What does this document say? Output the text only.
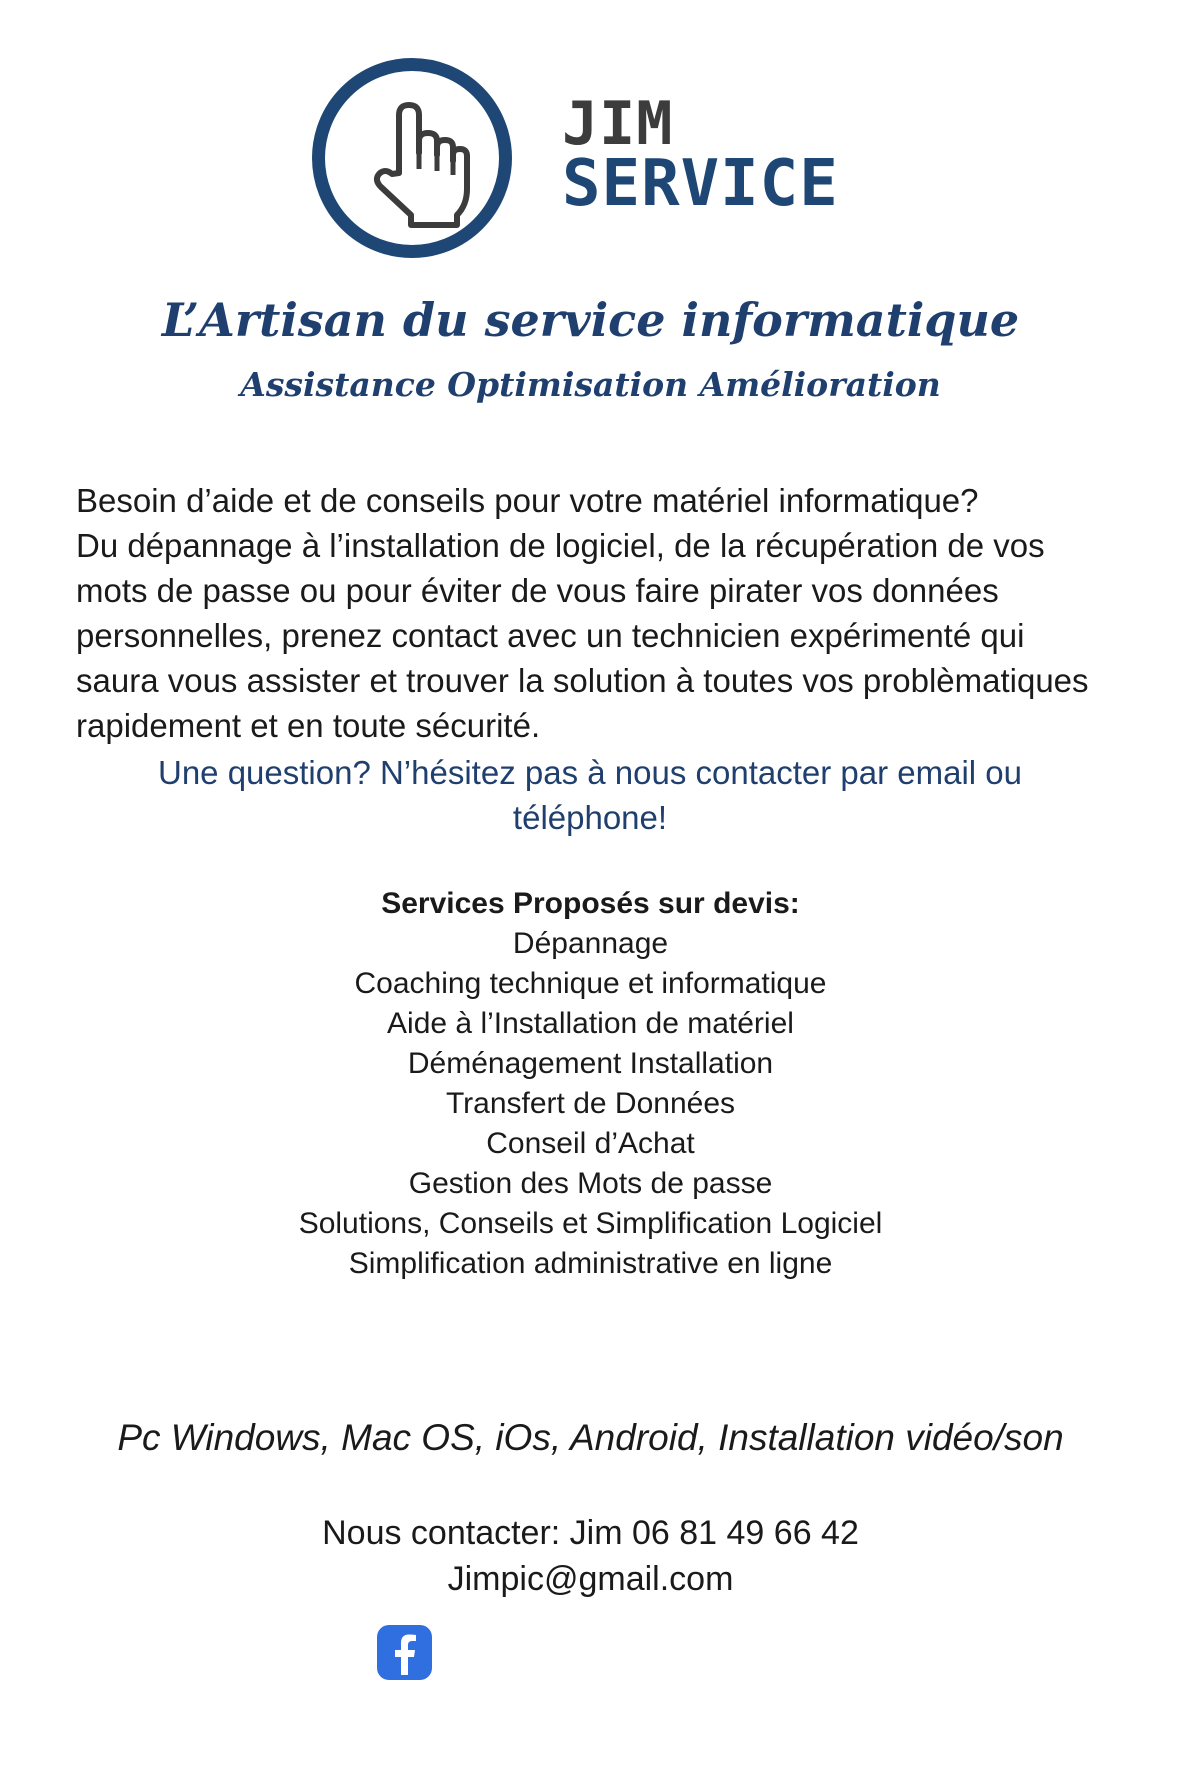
JIM
SERVICE
L’Artisan du service informatique
Assistance Optimisation Amélioration

Besoin d’aide et de conseils pour votre matériel informatique?

Du dépannage à l’installation de logiciel, de la récupération de vos mots de passe ou pour éviter de vous faire pirater vos données personnelles, prenez contact avec un technicien expérimenté qui saura vous assister et trouver la solution à toutes vos problèmatiques rapidement et en toute sécurité.

Une question? N’hésitez pas à nous contacter par email ou téléphone!

Services Proposés sur devis:
Dépannage
Coaching technique et informatique
Aide à l’Installation de matériel
Déménagement Installation
Transfert de Données
Conseil d’Achat
Gestion des Mots de passe
Solutions, Conseils et Simplification Logiciel
Simplification administrative en ligne

Pc Windows, Mac OS, iOs, Android, Installation vidéo/son

Nous contacter: Jim 06 81 49 66 42
Jimpic@gmail.com
